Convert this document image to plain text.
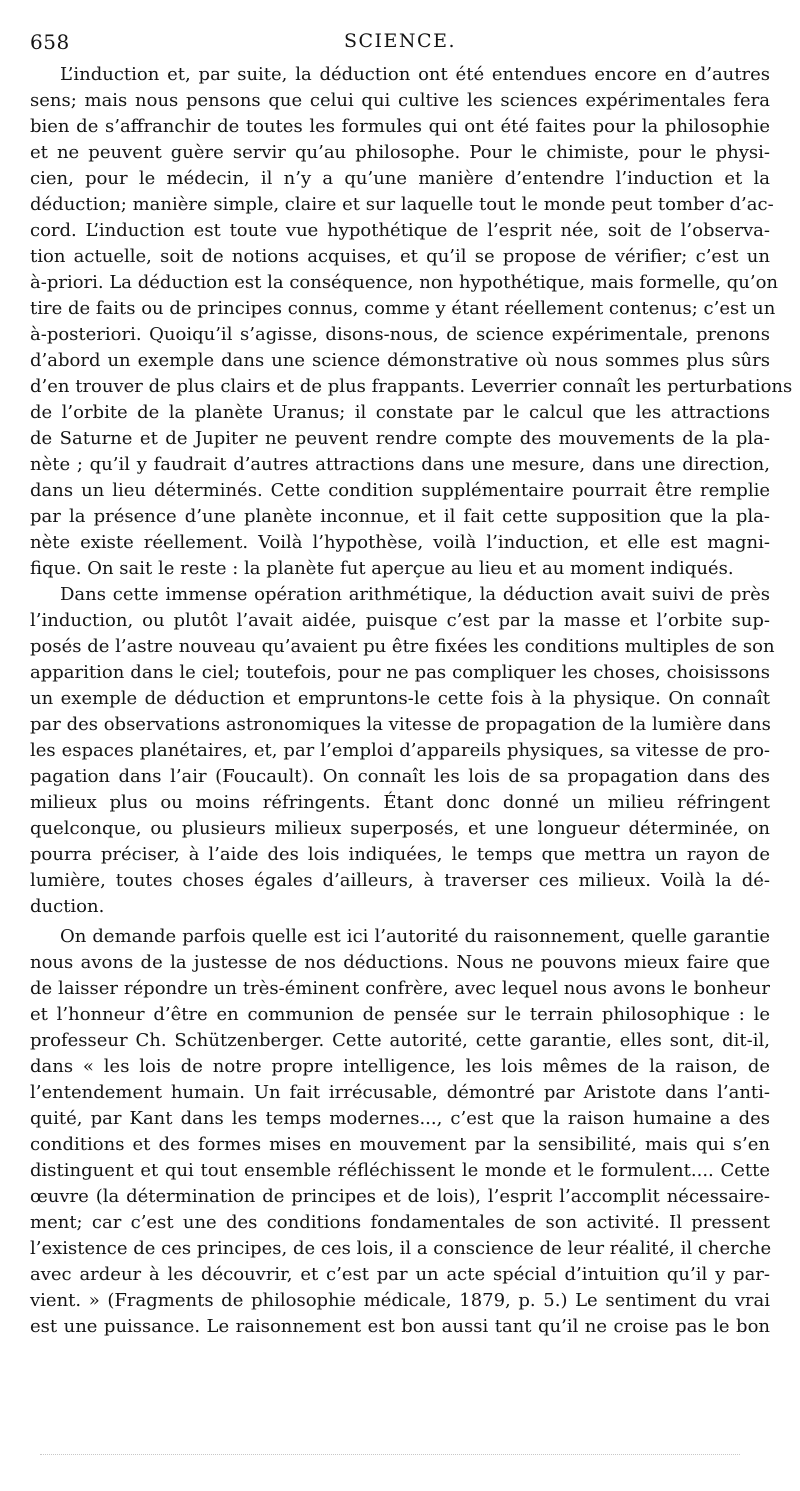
658	SCIENCE.
L’induction et, par suite, la déduction ont été entendues encore en d’autres
sens; mais nous pensons que celui qui cultive les sciences expérimentales fera
bien de s’affranchir de toutes les formules qui ont été faites pour la philosophie
et ne peuvent guère servir qu’au philosophe. Pour le chimiste, pour le physi-
cien, pour le médecin, il n’y a qu’une manière d’entendre l’induction et la
déduction; manière simple, claire et sur laquelle tout le monde peut tomber d’ac-
cord. L’induction est toute vue hypothétique de l’esprit née, soit de l’observa-
tion actuelle, soit de notions acquises, et qu’il se propose de vérifier; c’est un
à-priori. La déduction est la conséquence, non hypothétique, mais formelle, qu’on
tire de faits ou de principes connus, comme y étant réellement contenus; c’est un
à-posteriori. Quoiqu’il s’agisse, disons-nous, de science expérimentale, prenons
d’abord un exemple dans une science démonstrative où nous sommes plus sûrs
d’en trouver de plus clairs et de plus frappants. Leverrier connaît les perturbations
de l’orbite de la planète Uranus; il constate par le calcul que les attractions
de Saturne et de Jupiter ne peuvent rendre compte des mouvements de la pla-
nète ; qu’il y faudrait d’autres attractions dans une mesure, dans une direction,
dans un lieu déterminés. Cette condition supplémentaire pourrait être remplie
par la présence d’une planète inconnue, et il fait cette supposition que la pla-
nète existe réellement. Voilà l’hypothèse, voilà l’induction, et elle est magni-
fique. On sait le reste : la planète fut aperçue au lieu et au moment indiqués.
Dans cette immense opération arithmétique, la déduction avait suivi de près
l’induction, ou plutôt l’avait aidée, puisque c’est par la masse et l’orbite sup-
posés de l’astre nouveau qu’avaient pu être fixées les conditions multiples de son
apparition dans le ciel; toutefois, pour ne pas compliquer les choses, choisissons
un exemple de déduction et empruntons-le cette fois à la physique. On connaît
par des observations astronomiques la vitesse de propagation de la lumière dans
les espaces planétaires, et, par l’emploi d’appareils physiques, sa vitesse de pro-
pagation dans l’air (Foucault). On connaît les lois de sa propagation dans des
milieux plus ou moins réfringents. Étant donc donné un milieu réfringent
quelconque, ou plusieurs milieux superposés, et une longueur déterminée, on
pourra préciser, à l’aide des lois indiquées, le temps que mettra un rayon de
lumière, toutes choses égales d’ailleurs, à traverser ces milieux. Voilà la dé-
duction.
On demande parfois quelle est ici l’autorité du raisonnement, quelle garantie
nous avons de la justesse de nos déductions. Nous ne pouvons mieux faire que
de laisser répondre un très-éminent confrère, avec lequel nous avons le bonheur
et l’honneur d’être en communion de pensée sur le terrain philosophique : le
professeur Ch. Schützenberger. Cette autorité, cette garantie, elles sont, dit-il,
dans « les lois de notre propre intelligence, les lois mêmes de la raison, de
l’entendement humain. Un fait irrécusable, démontré par Aristote dans l’anti-
quité, par Kant dans les temps modernes..., c’est que la raison humaine a des
conditions et des formes mises en mouvement par la sensibilité, mais qui s’en
distinguent et qui tout ensemble réfléchissent le monde et le formulent.... Cette
œuvre (la détermination de principes et de lois), l’esprit l’accomplit nécessaire-
ment; car c’est une des conditions fondamentales de son activité. Il pressent
l’existence de ces principes, de ces lois, il a conscience de leur réalité, il cherche
avec ardeur à les découvrir, et c’est par un acte spécial d’intuition qu’il y par-
vient. » (Fragments de philosophie médicale, 1879, p. 5.) Le sentiment du vrai
est une puissance. Le raisonnement est bon aussi tant qu’il ne croise pas le bon
